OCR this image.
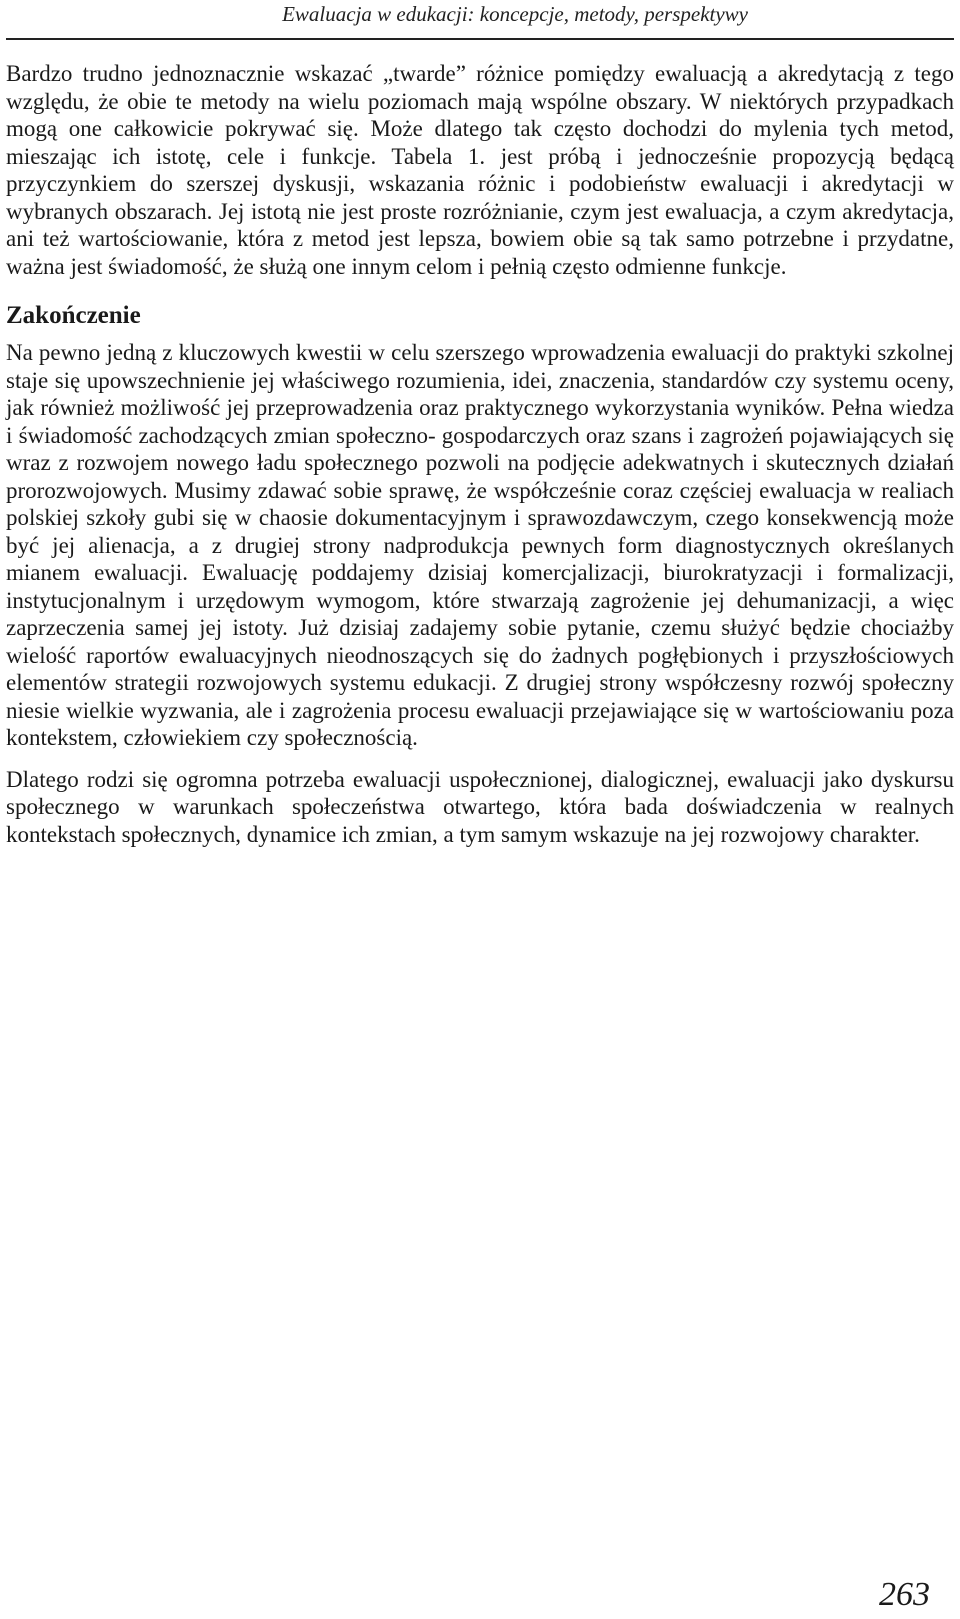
Ewaluacja w edukacji: koncepcje, metody, perspektywy

Bardzo trudno jednoznacznie wskazać „twarde” różnice pomiędzy ewaluacją a akredytacją z tego względu, że obie te metody na wielu poziomach mają wspólne obszary. W niektórych przypadkach mogą one całkowicie pokrywać się. Może dlatego tak często dochodzi do mylenia tych metod, mieszając ich istotę, cele i funkcje. Tabela 1. jest próbą i jednocześnie propozycją będącą przyczynkiem do szerszej dyskusji, wskazania różnic i podobieństw ewaluacji i akredytacji w wybranych obszarach. Jej istotą nie jest proste rozróżnianie, czym jest ewaluacja, a czym akredytacja, ani też wartościowanie, która z metod jest lepsza, bowiem obie są tak samo potrzebne i przydatne, ważna jest świadomość, że służą one innym celom i pełnią często odmienne funkcje.

Zakończenie

Na pewno jedną z kluczowych kwestii w celu szerszego wprowadzenia ewaluacji do praktyki szkolnej staje się upowszechnienie jej właściwego rozumienia, idei, znaczenia, standardów czy systemu oceny, jak również możliwość jej przeprowadzenia oraz praktycznego wykorzystania wyników. Pełna wiedza i świadomość zachodzących zmian społeczno- gospodarczych oraz szans i zagrożeń pojawiających się wraz z rozwojem nowego ładu społecznego pozwoli na podjęcie adekwatnych i skutecznych działań prorozwojowych. Musimy zdawać sobie sprawę, że współcześnie coraz częściej ewaluacja w realiach polskiej szkoły gubi się w chaosie dokumentacyjnym i sprawozdawczym, czego konsekwencją może być jej alienacja, a z drugiej strony nadprodukcja pewnych form diagnostycznych określanych mianem ewaluacji. Ewaluację poddajemy dzisiaj komercjalizacji, biurokratyzacji i formalizacji, instytucjonalnym i urzędowym wymogom, które stwarzają zagrożenie jej dehumanizacji, a więc zaprzeczenia samej jej istoty. Już dzisiaj zadajemy sobie pytanie, czemu służyć będzie chociażby wielość raportów ewaluacyjnych nieodnoszących się do żadnych pogłębionych i przyszłościowych elementów strategii rozwojowych systemu edukacji. Z drugiej strony współczesny rozwój społeczny niesie wielkie wyzwania, ale i zagrożenia procesu ewaluacji przejawiające się w wartościowaniu poza kontekstem, człowiekiem czy społecznością.

Dlatego rodzi się ogromna potrzeba ewaluacji uspołecznionej, dialogicznej, ewaluacji jako dyskursu społecznego w warunkach społeczeństwa otwartego, która bada doświadczenia w realnych kontekstach społecznych, dynamice ich zmian, a tym samym wskazuje na jej rozwojowy charakter.

263
